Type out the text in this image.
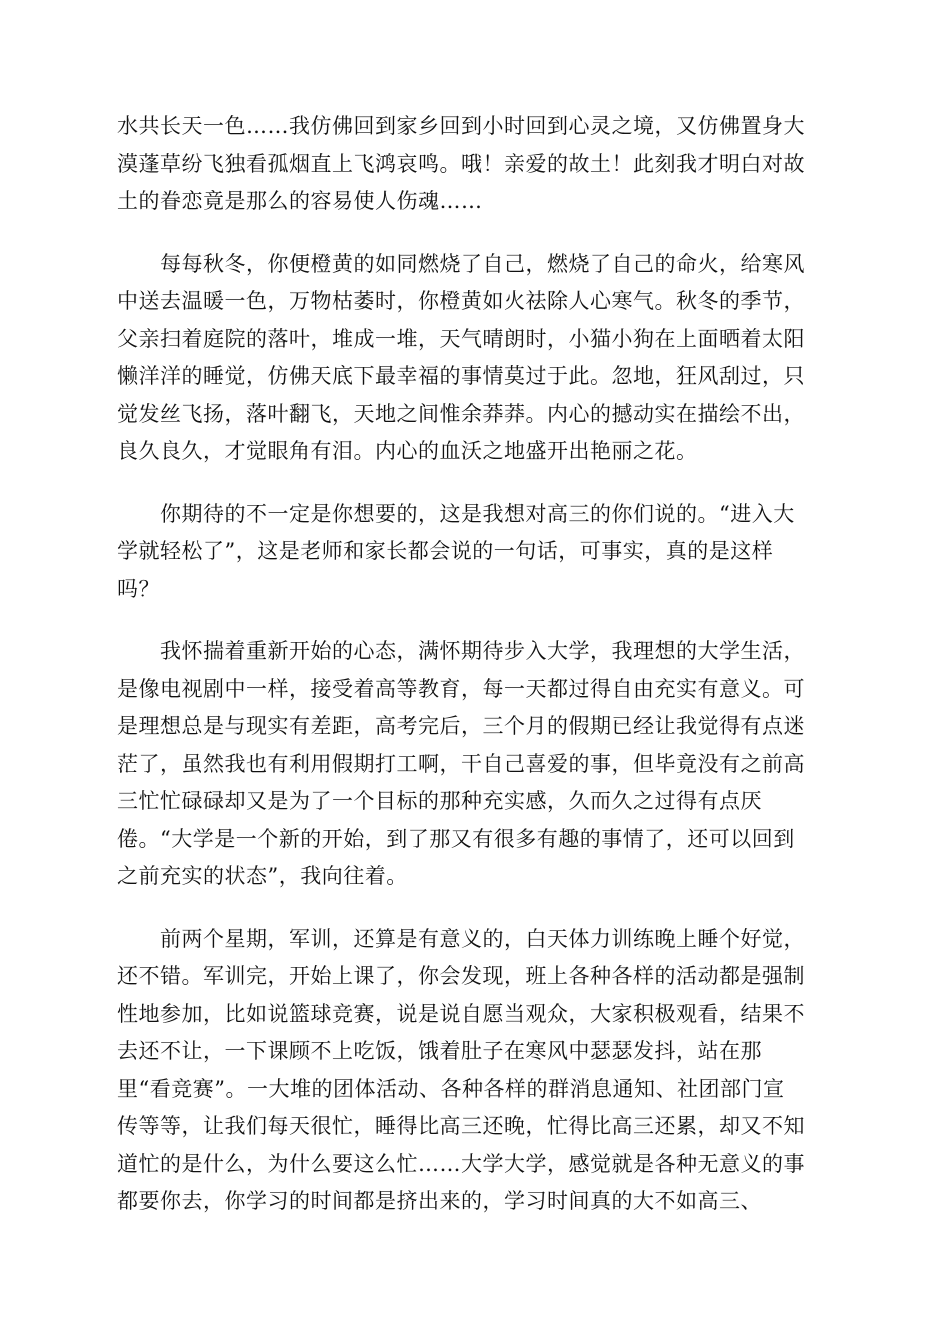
水共长天一色……我仿佛回到家乡回到小时回到心灵之境，又仿佛置身大
漠蓬草纷飞独看孤烟直上飞鸿哀鸣。哦！亲爱的故土！此刻我才明白对故
土的眷恋竟是那么的容易使人伤魂……

　　每每秋冬，你便橙黄的如同燃烧了自己，燃烧了自己的命火，给寒风
中送去温暖一色，万物枯萎时，你橙黄如火祛除人心寒气。秋冬的季节，
父亲扫着庭院的落叶，堆成一堆，天气晴朗时，小猫小狗在上面晒着太阳
懒洋洋的睡觉，仿佛天底下最幸福的事情莫过于此。忽地，狂风刮过，只
觉发丝飞扬，落叶翻飞，天地之间惟余莽莽。内心的撼动实在描绘不出，
良久良久，才觉眼角有泪。内心的血沃之地盛开出艳丽之花。

　　你期待的不一定是你想要的，这是我想对高三的你们说的。“进入大
学就轻松了”，这是老师和家长都会说的一句话，可事实，真的是这样
吗？

　　我怀揣着重新开始的心态，满怀期待步入大学，我理想的大学生活，
是像电视剧中一样，接受着高等教育，每一天都过得自由充实有意义。可
是理想总是与现实有差距，高考完后，三个月的假期已经让我觉得有点迷
茫了，虽然我也有利用假期打工啊，干自己喜爱的事，但毕竟没有之前高
三忙忙碌碌却又是为了一个目标的那种充实感，久而久之过得有点厌
倦。“大学是一个新的开始，到了那又有很多有趣的事情了，还可以回到
之前充实的状态”，我向往着。

　　前两个星期，军训，还算是有意义的，白天体力训练晚上睡个好觉，
还不错。军训完，开始上课了，你会发现，班上各种各样的活动都是强制
性地参加，比如说篮球竞赛，说是说自愿当观众，大家积极观看，结果不
去还不让，一下课顾不上吃饭，饿着肚子在寒风中瑟瑟发抖，站在那
里“看竞赛”。一大堆的团体活动、各种各样的群消息通知、社团部门宣
传等等，让我们每天很忙，睡得比高三还晚，忙得比高三还累，却又不知
道忙的是什么，为什么要这么忙……大学大学，感觉就是各种无意义的事
都要你去，你学习的时间都是挤出来的，学习时间真的大不如高三、
